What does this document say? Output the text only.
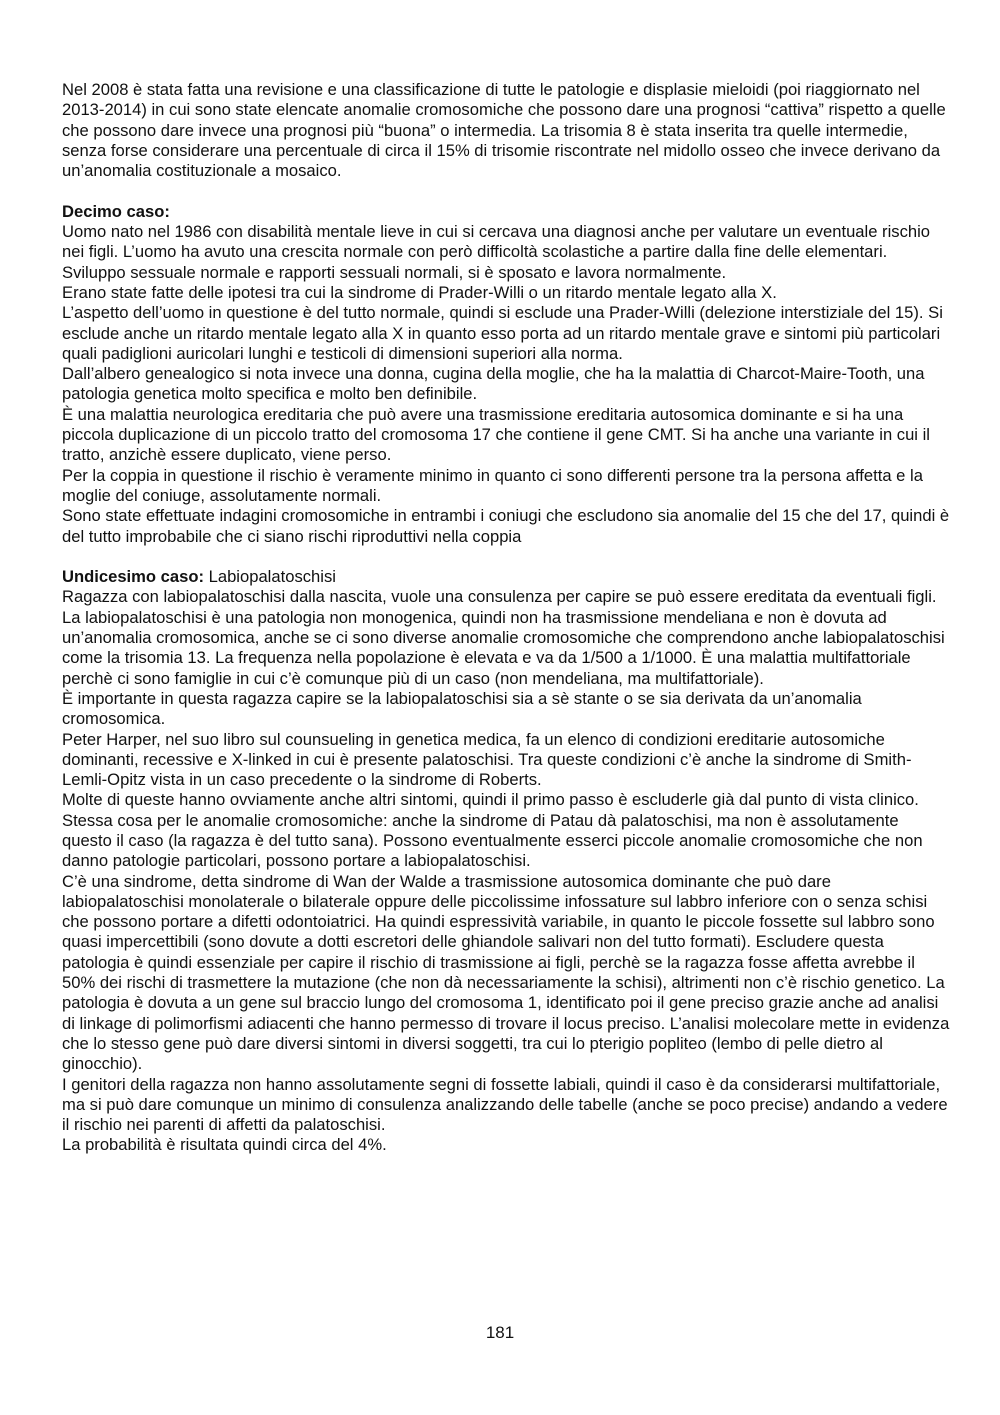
Nel 2008 è stata fatta una revisione e una classificazione di tutte le patologie e displasie mieloidi (poi riaggiornato nel 2013-2014) in cui sono state elencate anomalie cromosomiche che possono dare una prognosi “cattiva” rispetto a quelle che possono dare invece una prognosi più “buona” o intermedia. La trisomia 8 è stata inserita tra quelle intermedie, senza forse considerare una percentuale di circa il 15% di trisomie riscontrate nel midollo osseo che invece derivano da un’anomalia costituzionale a mosaico.

Decimo caso:

Uomo nato nel 1986 con disabilità mentale lieve in cui si cercava una diagnosi anche per valutare un eventuale rischio nei figli. L’uomo ha avuto una crescita normale con però difficoltà scolastiche a partire dalla fine delle elementari. Sviluppo sessuale normale e rapporti sessuali normali, si è sposato e lavora normalmente.

Erano state fatte delle ipotesi tra cui la sindrome di Prader-Willi o un ritardo mentale legato alla X.

L’aspetto dell’uomo in questione è del tutto normale, quindi si esclude una Prader-Willi (delezione interstiziale del 15). Si esclude anche un ritardo mentale legato alla X in quanto esso porta ad un ritardo mentale grave e sintomi più particolari quali padiglioni auricolari lunghi e testicoli di dimensioni superiori alla norma.

Dall’albero genealogico si nota invece una donna, cugina della moglie, che ha la malattia di Charcot-Maire-Tooth, una patologia genetica molto specifica e molto ben definibile.

È una malattia neurologica ereditaria che può avere una trasmissione ereditaria autosomica dominante e si ha una piccola duplicazione di un piccolo tratto del cromosoma 17 che contiene il gene CMT. Si ha anche una variante in cui il tratto, anzichè essere duplicato, viene perso.

Per la coppia in questione il rischio è veramente minimo in quanto ci sono differenti persone tra la persona affetta e la moglie del coniuge, assolutamente normali.

Sono state effettuate indagini cromosomiche in entrambi i coniugi che escludono sia anomalie del 15 che del 17, quindi è del tutto improbabile che ci siano rischi riproduttivi nella coppia

Undicesimo caso: Labiopalatoschisi

Ragazza con labiopalatoschisi dalla nascita, vuole una consulenza per capire se può essere ereditata da eventuali figli.

La labiopalatoschisi è una patologia non monogenica, quindi non ha trasmissione mendeliana e non è dovuta ad un’anomalia cromosomica, anche se ci sono diverse anomalie cromosomiche che comprendono anche labiopalatoschisi come la trisomia 13. La frequenza nella popolazione è elevata e va da 1/500 a 1/1000. È una malattia multifattoriale perchè ci sono famiglie in cui c’è comunque più di un caso (non mendeliana, ma multifattoriale).

È importante in questa ragazza capire se la labiopalatoschisi sia a sè stante o se sia derivata da un’anomalia cromosomica.

Peter Harper, nel suo libro sul counsueling in genetica medica, fa un elenco di condizioni ereditarie autosomiche dominanti, recessive e X-linked in cui è presente palatoschisi. Tra queste condizioni c’è anche la sindrome di Smith-Lemli-Opitz vista in un caso precedente o la sindrome di Roberts.

Molte di queste hanno ovviamente anche altri sintomi, quindi il primo passo è escluderle già dal punto di vista clinico.

Stessa cosa per le anomalie cromosomiche: anche la sindrome di Patau dà palatoschisi, ma non è assolutamente questo il caso (la ragazza è del tutto sana). Possono eventualmente esserci piccole anomalie cromosomiche che non danno patologie particolari, possono portare a labiopalatoschisi.

C’è una sindrome, detta sindrome di Wan der Walde a trasmissione autosomica dominante che può dare labiopalatoschisi monolaterale o bilaterale oppure delle piccolissime infossature sul labbro inferiore con o senza schisi che possono portare a difetti odontoiatrici. Ha quindi espressività variabile, in quanto le piccole fossette sul labbro sono quasi impercettibili (sono dovute a dotti escretori delle ghiandole salivari non del tutto formati). Escludere questa patologia è quindi essenziale per capire il rischio di trasmissione ai figli, perchè se la ragazza fosse affetta avrebbe il 50% dei rischi di trasmettere la mutazione (che non dà necessariamente la schisi), altrimenti non c’è rischio genetico. La patologia è dovuta a un gene sul braccio lungo del cromosoma 1, identificato poi il gene preciso grazie anche ad analisi di linkage di polimorfismi adiacenti che hanno permesso di trovare il locus preciso. L’analisi molecolare mette in evidenza che lo stesso gene può dare diversi sintomi in diversi soggetti, tra cui lo pterigio popliteo (lembo di pelle dietro al ginocchio).

I genitori della ragazza non hanno assolutamente segni di fossette labiali, quindi il caso è da considerarsi multifattoriale, ma si può dare comunque un minimo di consulenza analizzando delle tabelle (anche se poco precise) andando a vedere il rischio nei parenti di affetti da palatoschisi.

La probabilità è risultata quindi circa del 4%.

181
